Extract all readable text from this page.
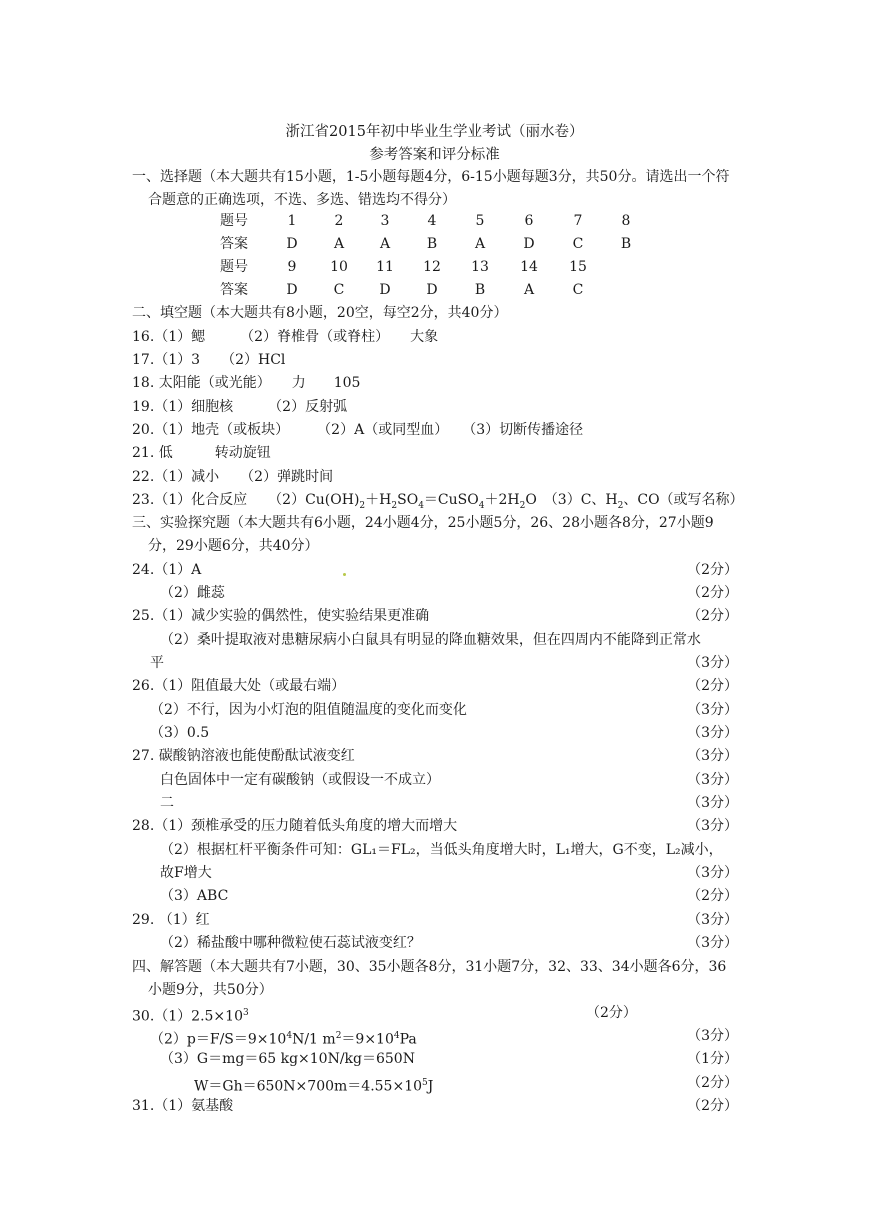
浙江省2015年初中毕业生学业考试（丽水卷）
参考答案和评分标准
一、选择题（本大题共有15小题，1-5小题每题4分，6-15小题每题3分，共50分。请选出一个符合题意的正确选项，不选、多选、错选均不得分）
题号	1	2	3	4	5	6	7	8
答案	D	A	A	B	A	D	C	B
题号	9	10	11	12	13	14	15
答案	D	C	D	D	B	A	C
二、填空题（本大题共有8小题，20空，每空2分，共40分）
16.（1）鳃　　　（2）脊椎骨（或脊柱）　　大象
17.（1）3　　（2）HCl
18. 太阳能（或光能）　　力　　105
19.（1）细胞核　　　（2）反射弧
20.（1）地壳（或板块）　　　（2）A（或同型血）　　（3）切断传播途径
21. 低　　　转动旋钮
22.（1）减小　　（2）弹跳时间
23.（1）化合反应　　$(2)Cu(OH)_2+H_2SO_4=CuSO_4+2H_2O$　（3）C、$H_2$、CO（或写名称）
三、实验探究题（本大题共有6小题，24小题4分，25小题5分，26、28小题各8分，27小题9分，29小题6分，共40分）
24.（1）A	（2分）
（2）雌蕊	（2分）
25.（1）减少实验的偶然性，使实验结果更准确	（2分）
（2）桑叶提取液对患糖尿病小白鼠具有明显的降血糖效果，但在四周内不能降到正常水
平	（3分）
26.（1）阻值最大处（或最右端）	（2分）
（2）不行，因为小灯泡的阻值随温度的变化而变化	（3分）
（3）0.5	（3分）
27. 碳酸钠溶液也能使酚酞试液变红	（3分）
白色固体中一定有碳酸钠（或假设一不成立）	（3分）
二	（3分）
28.（1）颈椎承受的压力随着低头角度的增大而增大	（3分）
（2）根据杠杆平衡条件可知：GL₁＝FL₂，当低头角度增大时，L₁增大，G不变，L₂减小，
故F增大	（3分）
（3）ABC	（2分）
29. （1）红	（3分）
（2）稀盐酸中哪种微粒使石蕊试液变红？	（3分）
四、解答题（本大题共有7小题，30、35小题各8分，31小题7分，32、33、34小题各6分，36小题9分，共50分）
$30.(1)2.5\times 10^3$	（2分）
$(2)p=F/S=9\times 10^4N/1$ $m^2=9\times 10^4Pa$	（3分）
（3）G＝mg＝65 kg×10N/kg＝650N	（1分）
$W=Gh=650N\times 700m=4.55\times 10^5J$	（2分）
31.（1）氨基酸	（2分）
